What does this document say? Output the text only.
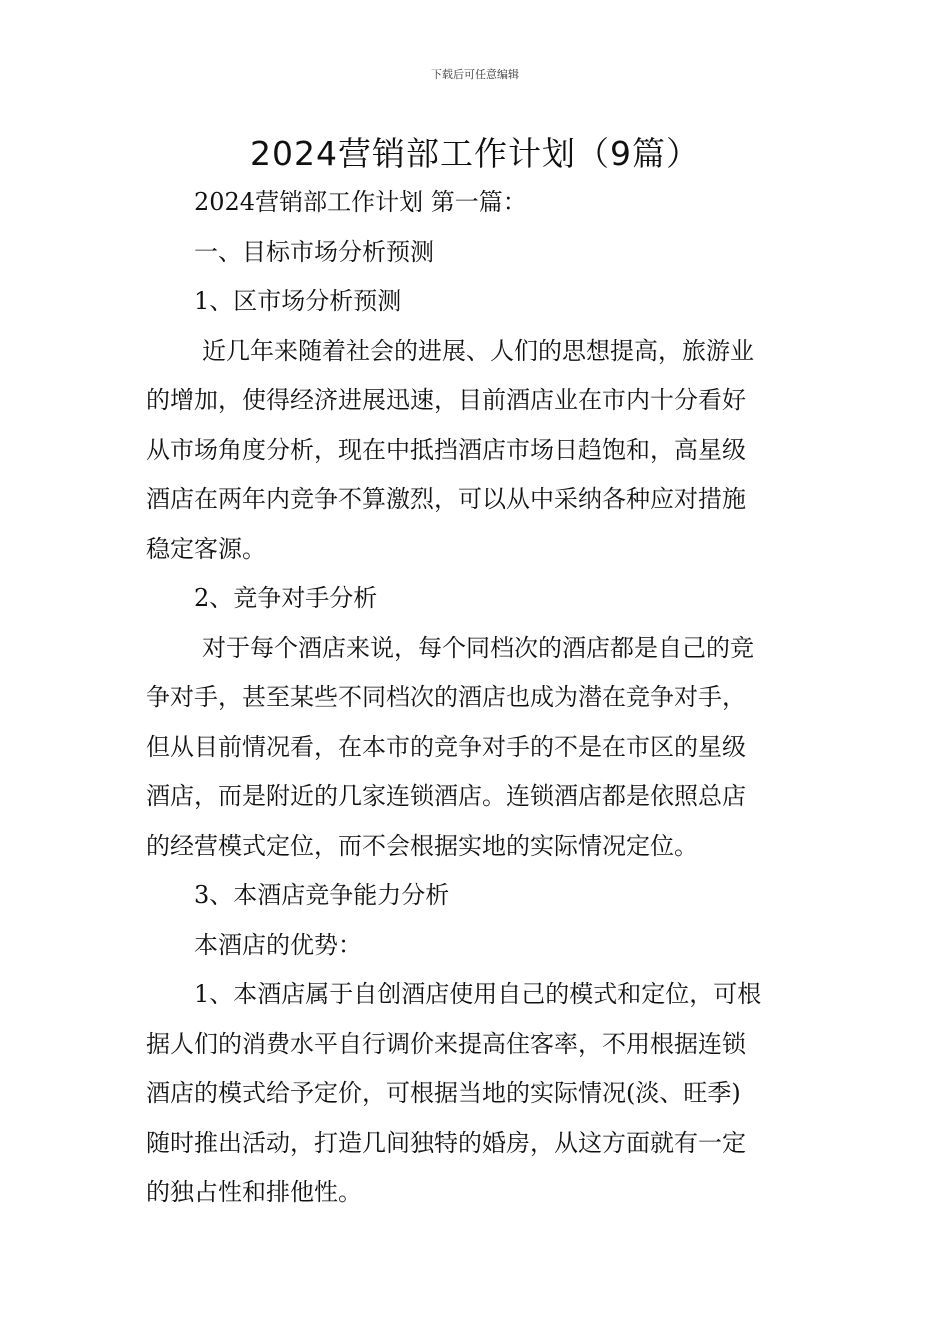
下载后可任意编辑
2024营销部工作计划（9篇）
2024营销部工作计划 第一篇：
一、目标市场分析预测
1、区市场分析预测
近几年来随着社会的进展、人们的思想提高，旅游业
的增加，使得经济进展迅速，目前酒店业在市内十分看好
从市场角度分析，现在中抵挡酒店市场日趋饱和，高星级
酒店在两年内竞争不算激烈，可以从中采纳各种应对措施
稳定客源。
2、竞争对手分析
对于每个酒店来说，每个同档次的酒店都是自己的竞
争对手，甚至某些不同档次的酒店也成为潜在竞争对手，
但从目前情况看，在本市的竞争对手的不是在市区的星级
酒店，而是附近的几家连锁酒店。连锁酒店都是依照总店
的经营模式定位，而不会根据实地的实际情况定位。
3、本酒店竞争能力分析
本酒店的优势：
1、本酒店属于自创酒店使用自己的模式和定位，可根
据人们的消费水平自行调价来提高住客率，不用根据连锁
酒店的模式给予定价，可根据当地的实际情况(淡、旺季)
随时推出活动，打造几间独特的婚房，从这方面就有一定
的独占性和排他性。
